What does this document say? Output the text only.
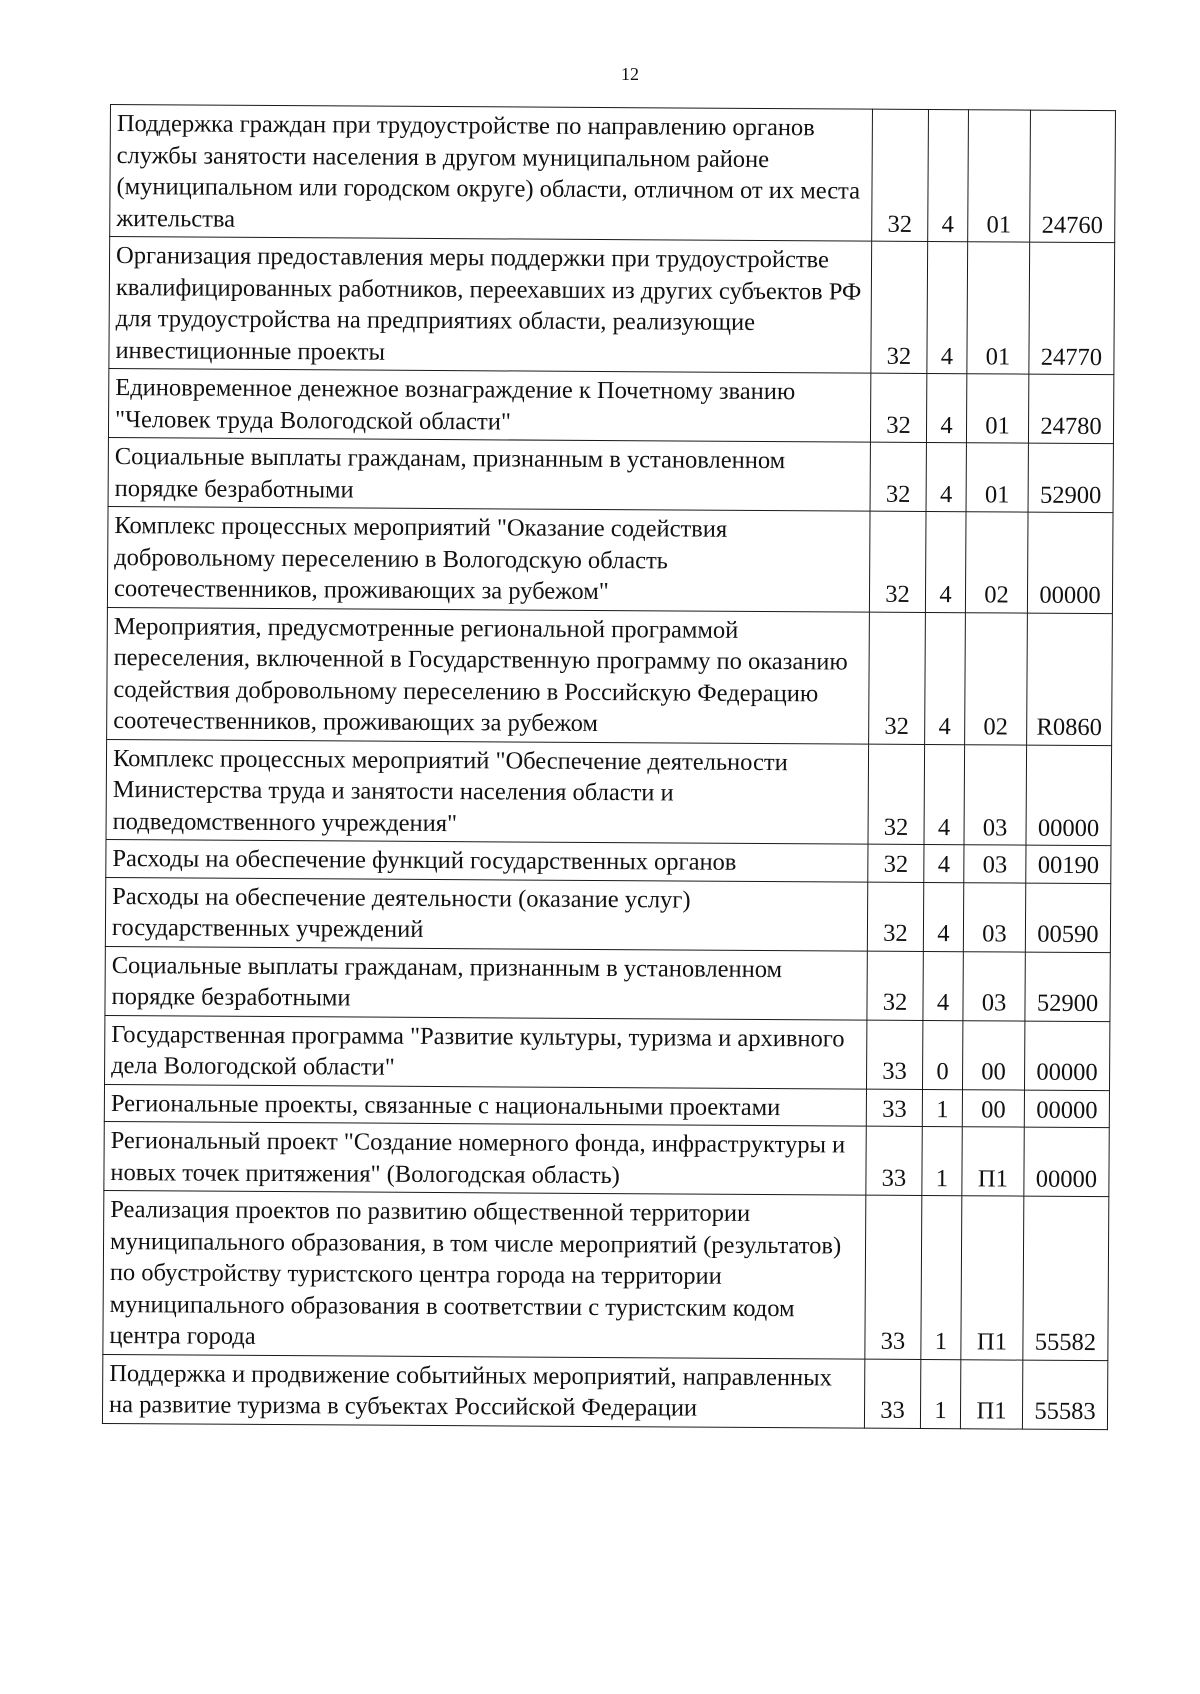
12
Поддержка граждан при трудоустройстве по направлению органов службы занятости населения в другом муниципальном районе (муниципальном или городском округе) области, отличном от их места жительства	32	4	01	24760
Организация предоставления меры поддержки при трудоустройстве квалифицированных работников, переехавших из других субъектов РФ для трудоустройства на предприятиях области, реализующие инвестиционные проекты	32	4	01	24770
Единовременное денежное вознаграждение к Почетному званию "Человек труда Вологодской области"	32	4	01	24780
Социальные выплаты гражданам, признанным в установленном порядке безработными	32	4	01	52900
Комплекс процессных мероприятий "Оказание содействия добровольному переселению в Вологодскую область соотечественников, проживающих за рубежом"	32	4	02	00000
Мероприятия, предусмотренные региональной программой переселения, включенной в Государственную программу по оказанию содействия добровольному переселению в Российскую Федерацию соотечественников, проживающих за рубежом	32	4	02	R0860
Комплекс процессных мероприятий "Обеспечение деятельности Министерства труда и занятости населения области и подведомственного учреждения"	32	4	03	00000
Расходы на обеспечение функций государственных органов	32	4	03	00190
Расходы на обеспечение деятельности (оказание услуг) государственных учреждений	32	4	03	00590
Социальные выплаты гражданам, признанным в установленном порядке безработными	32	4	03	52900
Государственная программа "Развитие культуры, туризма и архивного дела Вологодской области"	33	0	00	00000
Региональные проекты, связанные с национальными проектами	33	1	00	00000
Региональный проект "Создание номерного фонда, инфраструктуры и новых точек притяжения" (Вологодская область)	33	1	П1	00000
Реализация проектов по развитию общественной территории муниципального образования, в том числе мероприятий (результатов) по обустройству туристского центра города на территории муниципального образования в соответствии с туристским кодом центра города	33	1	П1	55582
Поддержка и продвижение событийных мероприятий, направленных на развитие туризма в субъектах Российской Федерации	33	1	П1	55583
